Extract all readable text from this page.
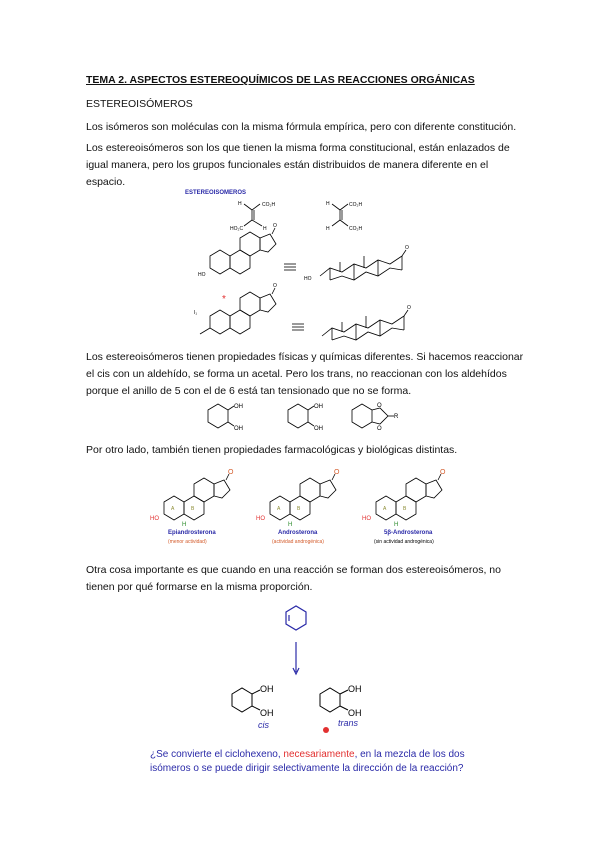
TEMA 2. ASPECTOS ESTEREOQUÍMICOS DE LAS REACCIONES ORGÁNICAS

ESTEREOISÓMEROS

Los isómeros son moléculas con la misma fórmula empírica, pero con diferente constitución.

Los estereoisómeros son los que tienen la misma forma constitucional, están enlazados de igual manera, pero los grupos funcionales están distribuidos de manera diferente en el espacio.

ESTEREOISOMEROS
CO₂H
H
HO₂C	H
CO₂H
H
CO₂H
H
O
HO
HO
O
*
I₁
O
O

Los estereoisómeros tienen propiedades físicas y químicas diferentes. Si hacemos reaccionar el cis con un aldehído, se forma un acetal. Pero los trans, no reaccionan con los aldehídos porque el anillo de 5 con el de 6 está tan tensionado que no se forma.

OH
OH
OH
OH
O
O
R

Por otro lado, también tienen propiedades farmacológicas y biológicas distintas.

O
HO
H
A	B
Epiandrosterona
(menor actividad)
O
HO
H
A	B
Androsterona
(actividad androgénica)
O
HO
H
A	B
5β-Androsterona
(sin actividad androgénica)

Otra cosa importante es que cuando en una reacción se forman dos estereoisómeros, no tienen por qué formarse en la misma proporción.

OH
OH
OH
OH
cis	trans
¿Se convierte el ciclohexeno, necesariamente, en la mezcla de los dos isómeros o se puede dirigir selectivamente la dirección de la reacción?
